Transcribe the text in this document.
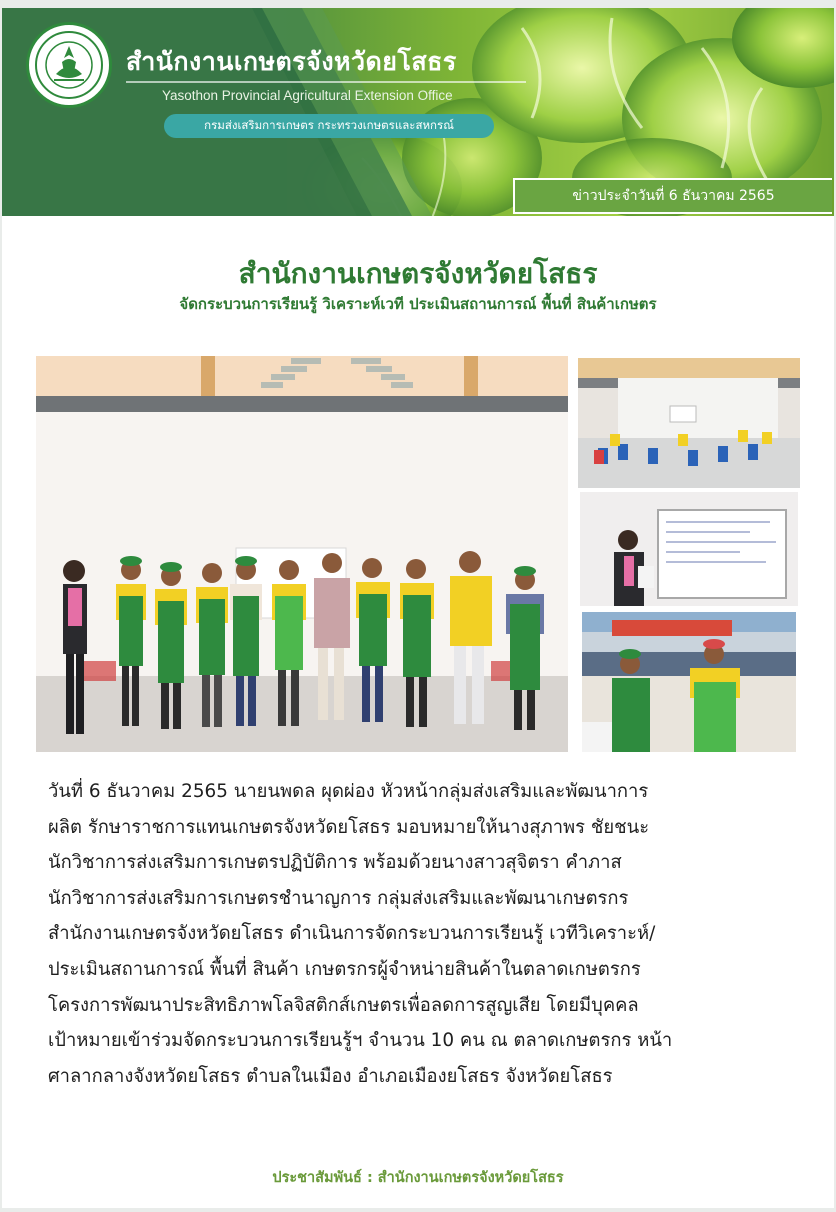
สำนักงานเกษตรจังหวัดยโสธร
Yasothon Provincial Agricultural Extension Office
กรมส่งเสริมการเกษตร กระทรวงเกษตรและสหกรณ์
ข่าวประจำวันที่ 6 ธันวาคม 2565
สำนักงานเกษตรจังหวัดยโสธร
จัดกระบวนการเรียนรู้ วิเคราะห์เวที ประเมินสถานการณ์ พื้นที่ สินค้าเกษตร

วันที่ 6 ธันวาคม 2565 นายนพดล ผุดผ่อง หัวหน้ากลุ่มส่งเสริมและพัฒนาการ

ผลิต รักษาราชการแทนเกษตรจังหวัดยโสธร มอบหมายให้นางสุภาพร ชัยชนะ

นักวิชาการส่งเสริมการเกษตรปฏิบัติการ พร้อมด้วยนางสาวสุจิตรา คำภาส

นักวิชาการส่งเสริมการเกษตรชำนาญการ กลุ่มส่งเสริมและพัฒนาเกษตรกร

สำนักงานเกษตรจังหวัดยโสธร ดำเนินการจัดกระบวนการเรียนรู้ เวทีวิเคราะห์/

ประเมินสถานการณ์ พื้นที่ สินค้า เกษตรกรผู้จำหน่ายสินค้าในตลาดเกษตรกร

โครงการพัฒนาประสิทธิภาพโลจิสติกส์เกษตรเพื่อลดการสูญเสีย โดยมีบุคคล

เป้าหมายเข้าร่วมจัดกระบวนการเรียนรู้ฯ จำนวน 10 คน ณ ตลาดเกษตรกร หน้า

ศาลากลางจังหวัดยโสธร ตำบลในเมือง อำเภอเมืองยโสธร จังหวัดยโสธร

ประชาสัมพันธ์ : สำนักงานเกษตรจังหวัดยโสธร
